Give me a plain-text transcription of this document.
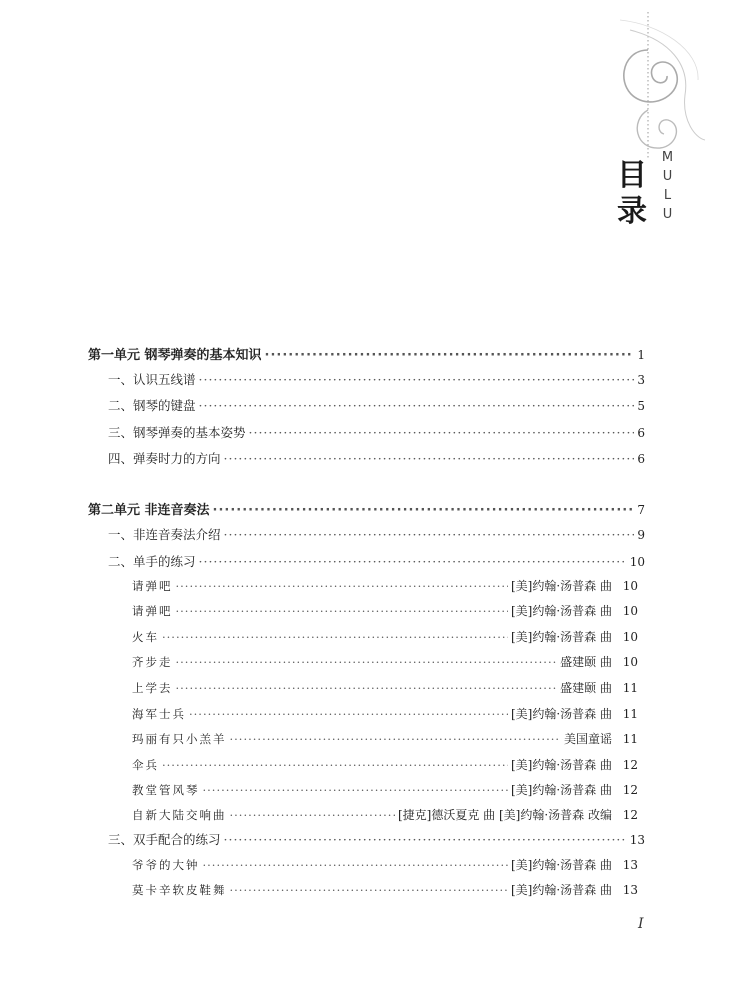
目
录	MULU
第一单元 钢琴弹奏的基本知识 ·····	1
一、认识五线谱 ·····	3
二、钢琴的键盘 ·····	5
三、钢琴弹奏的基本姿势 ·····	6
四、弹奏时力的方向 ·····	6
第二单元 非连音奏法 ·····	7
一、非连音奏法介绍 ·····	9
二、单手的练习 ·····	10
请弹吧 ·····	[美]约翰·汤普森 曲 10
请弹吧 ·····	[美]约翰·汤普森 曲 10
火车 ·····	[美]约翰·汤普森 曲 10
齐步走 ·····	盛建颐 曲 10
上学去 ·····	盛建颐 曲 11
海军士兵 ·····	[美]约翰·汤普森 曲 11
玛丽有只小羔羊 ·····	美国童谣 11
伞兵 ·····	[美]约翰·汤普森 曲 12
教堂管风琴 ·····	[美]约翰·汤普森 曲 12
自新大陆交响曲 ·····	[捷克]德沃夏克 曲 [美]约翰·汤普森 改编 12
三、双手配合的练习 ·····	13
爷爷的大钟 ·····	[美]约翰·汤普森 曲 13
莫卡辛软皮鞋舞 ·····	[美]约翰·汤普森 曲 13
I
